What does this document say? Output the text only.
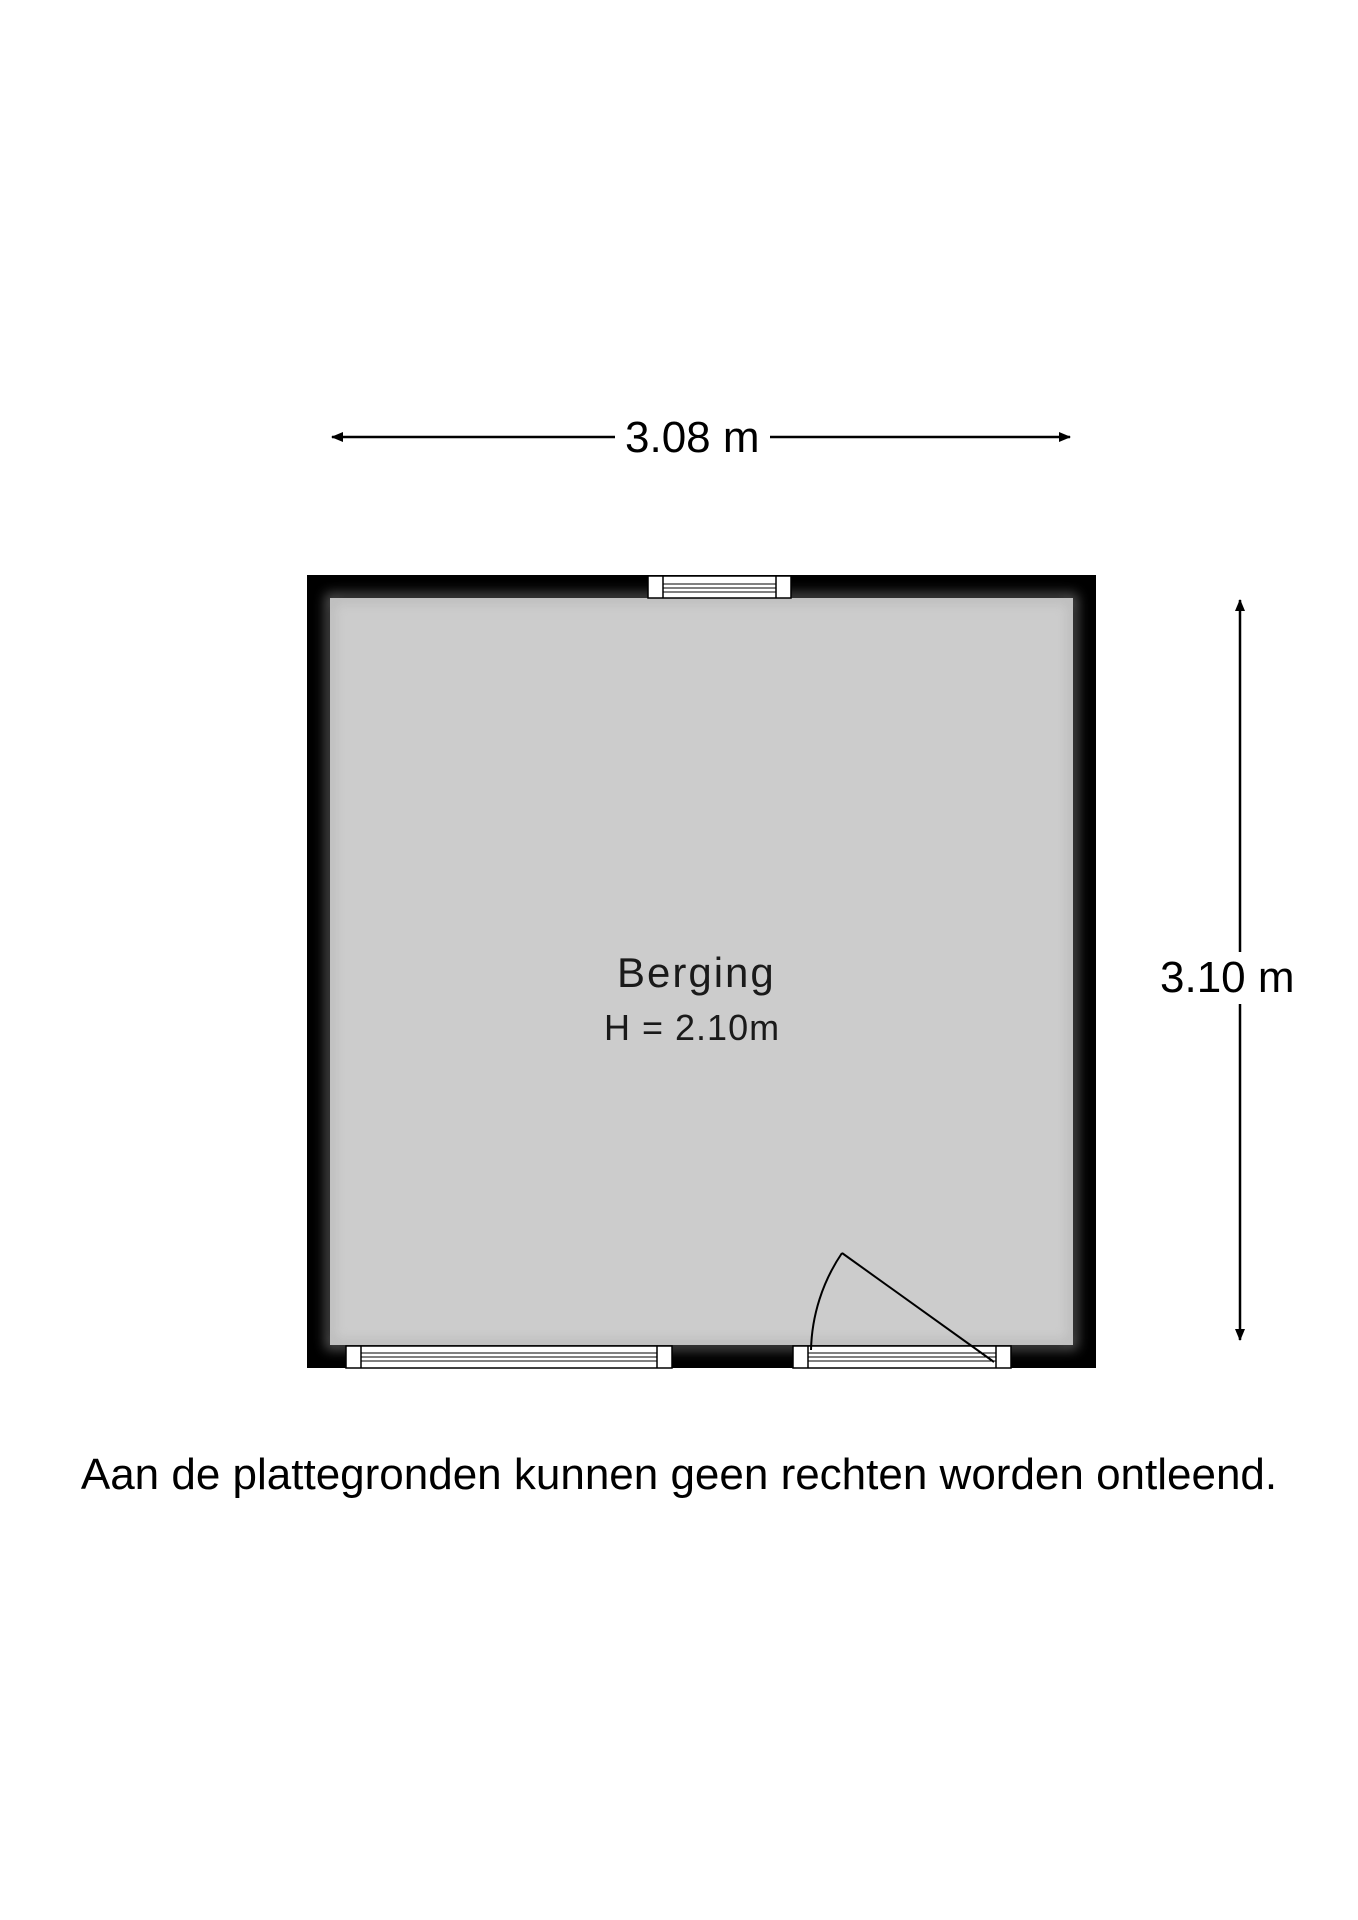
3.08 m
3.10 m
Berging
H = 2.10m
Aan de plattegronden kunnen geen rechten worden ontleend.
